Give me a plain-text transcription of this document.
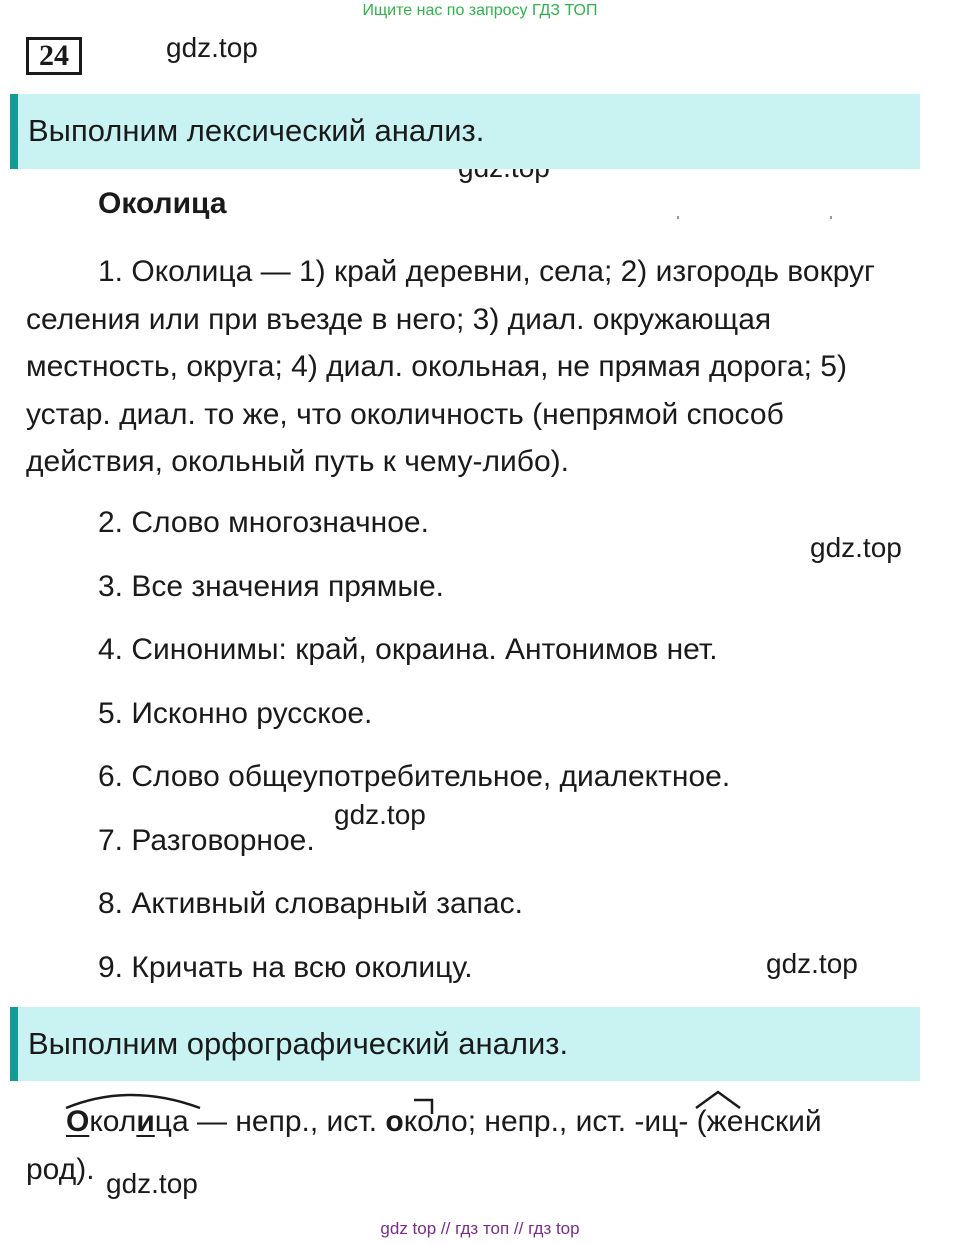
Ищите нас по запросу ГДЗ ТОП
24	gdz.top
gdz.top
gdz.top
gdz.top
gdz.top
Выполним лексический анализ.
Околица
1. Околица — 1) край деревни, села; 2) изгородь вокруг
селения или при въезде в него; 3) диал. окружающая
местность, округа; 4) диал. окольная, не прямая дорога; 5)
устар. диал. то же, что околичность (непрямой способ
действия, окольный путь к чему-либо).
2. Слово многозначное.
3. Все значения прямые.
4. Синонимы: край, окраина. Антонимов нет.
5. Исконно русское.
6. Слово общеупотребительное, диалектное.
7. Разговорное.
8. Активный словарный запас.
9. Кричать на всю околицу.
Выполним орфографический анализ.
Околица — непр., ист. около; непр., ист. -иц- (женский
род).
gdz top // гдз топ // гдз top
